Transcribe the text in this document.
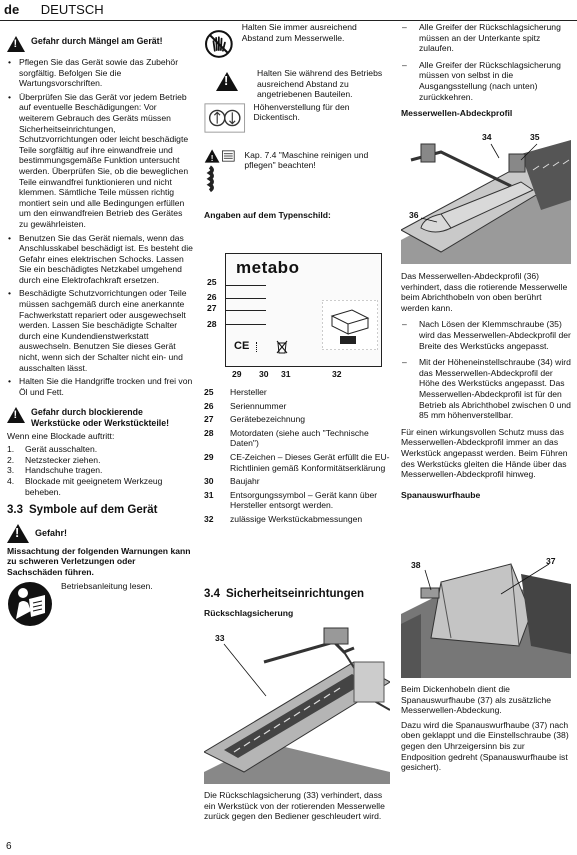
de DEUTSCH
!
Gefahr durch Mängel am Gerät!
• Pflegen Sie das Gerät sowie das Zubehör sorgfältig. Befolgen Sie die Wartungsvorschriften.
• Überprüfen Sie das Gerät vor jedem Betrieb auf eventuelle Beschädigungen: Vor weiterem Gebrauch des Geräts müssen Sicherheitseinrichtungen, Schutzvorrichtungen oder leicht beschädigte Teile sorgfältig auf ihre einwandfreie und bestimmungsgemäße Funktion untersucht werden. Überprüfen Sie, ob die beweglichen Teile einwandfrei funktionieren und nicht klemmen. Sämtliche Teile müssen richtig montiert sein und alle Bedingungen erfüllen um den einwandfreien Betrieb des Gerätes zu gewährleisten.
• Benutzen Sie das Gerät niemals, wenn das Anschlusskabel beschädigt ist. Es besteht die Gefahr eines elektrischen Schocks. Lassen Sie ein beschädigtes Netzkabel umgehend durch eine Elektrofachkraft ersetzen.
• Beschädigte Schutzvorrichtungen oder Teile müssen sachgemäß durch eine anerkannte Fachwerkstatt repariert oder ausgewechselt werden. Lassen Sie beschädigte Schalter durch eine Kundendienstwerkstatt auswechseln. Benutzen Sie dieses Gerät nicht, wenn sich der Schalter nicht ein- und ausschalten lässt.
• Halten Sie die Handgriffe trocken und frei von Öl und Fett.
!
Gefahr durch blockierende Werkstücke oder Werkstückteile!
Wenn eine Blockade auftritt:
1. Gerät ausschalten.
2. Netzstecker ziehen.
3. Handschuhe tragen.
4. Blockade mit geeignetem Werkzeug beheben.
3.3 Symbole auf dem Gerät
!
Gefahr!
Missachtung der folgenden Warnungen kann zu schweren Verletzungen oder Sachschäden führen.
Betriebsanleitung lesen.
Halten Sie immer ausreichend Abstand zum Messerwelle.
!
Halten Sie während des Betriebs ausreichend Abstand zu angetriebenen Bauteilen.
Höhenverstellung für den Dickentisch.
!	Kap. 7.4 "Maschine reinigen und pflegen" beachten!
Angaben auf dem Typenschild:
metabo
CE
25
26
27
28
29 30 31	32
25	Hersteller
26	Seriennummer
27	Gerätebezeichnung
28	Motordaten (siehe auch "Technische Daten")
29	CE-Zeichen – Dieses Gerät erfüllt die EU-Richtlinien gemäß Konformitätserklärung
30	Baujahr
31	Entsorgungssymbol – Gerät kann über Hersteller entsorgt werden.
32	zulässige Werkstückabmessungen
3.4 Sicherheitseinrichtungen
Rückschlagsicherung
33
Die Rückschlagsicherung (33) verhindert, dass ein Werkstück von der rotierenden Messerwelle zurück gegen den Bediener geschleudert wird.
– Alle Greifer der Rückschlagsicherung müssen an der Unterkante spitz zulaufen.
– Alle Greifer der Rückschlagsicherung müssen von selbst in die Ausgangsstellung (nach unten) zurückkehren.
Messerwellen-Abdeckprofil
34	35
36
Das Messerwellen-Abdeckprofil (36) verhindert, dass die rotierende Messerwelle beim Abrichthobeln von oben berührt werden kann.
– Nach Lösen der Klemmschraube (35) wird das Messerwellen-Abdeckprofil der Breite des Werkstücks angepasst.
– Mit der Höheneinstellschraube (34) wird das Messerwellen-Abdeckprofil der Höhe des Werkstücks angepasst. Das Messerwellen-Abdeckprofil ist für den Betrieb als Abrichthobel zwischen 0 und 85 mm höhenverstellbar.
Für einen wirkungsvollen Schutz muss das Messerwellen-Abdeckprofil immer an das Werkstück angepasst werden. Beim Führen des Werkstücks gleiten die Hände über das Messerwellen-Abdeckprofil hinweg.
Spanauswurfhaube
38	37
Beim Dickenhobeln dient die Spanauswurfhaube (37) als zusätzliche Messerwellen-Abdeckung.
Dazu wird die Spanauswurfhaube (37) nach oben geklappt und die Einstellschraube (38) gegen den Uhrzeigersinn bis zur Endposition gedreht (Spanauswurfhaube ist gesichert).
6
